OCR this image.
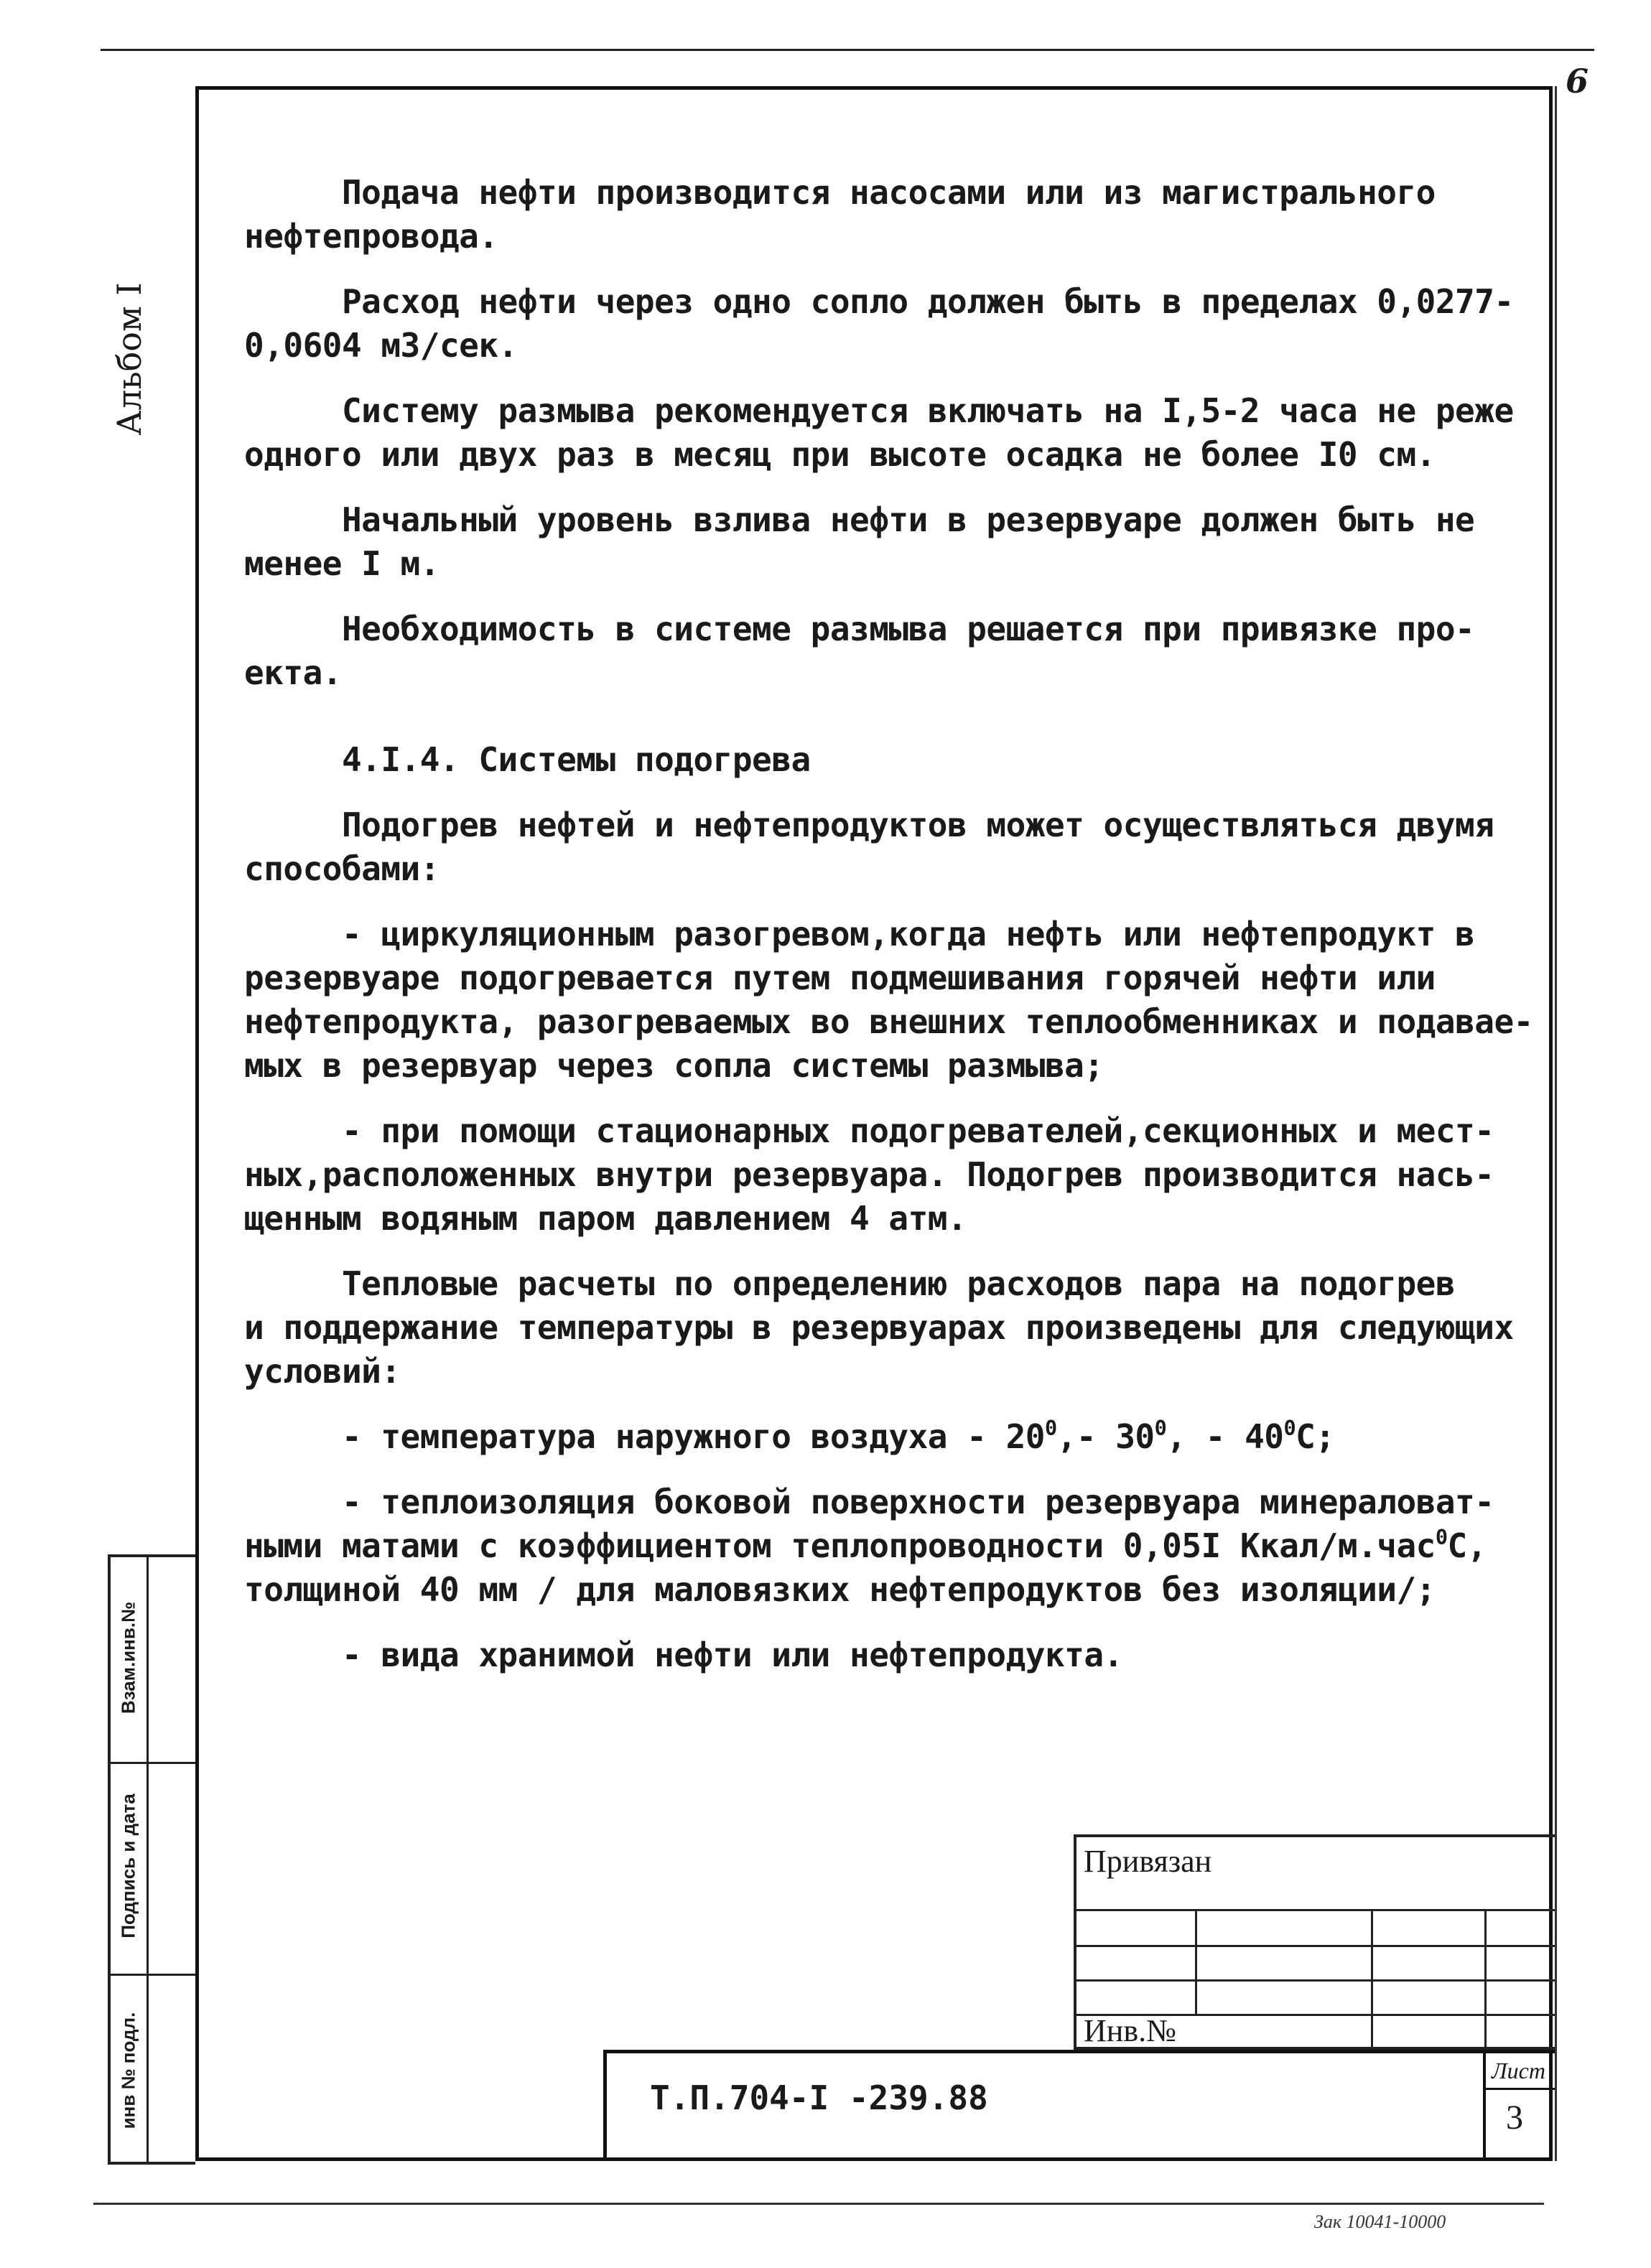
6
Альбом I
Взам.инв.№
Подпись и дата
инв № подл.
Подача нефти производится насосами или из магистрального
нефтепровода.
Расход нефти через одно сопло должен быть в пределах 0,0277-
0,0604 м3/сек.
Систему размыва рекомендуется включать на I,5-2 часа не реже
одного или двух раз в месяц при высоте осадка не более I0 см.
Начальный уровень взлива нефти в резервуаре должен быть не
менее I м.
Необходимость в системе размыва решается при привязке про-
екта.
4.I.4. Системы подогрева
Подогрев нефтей и нефтепродуктов может осуществляться двумя
способами:
- циркуляционным разогревом,когда нефть или нефтепродукт в
резервуаре подогревается путем подмешивания горячей нефти или
нефтепродукта, разогреваемых во внешних теплообменниках и подавае-
мых в резервуар через сопла системы размыва;
- при помощи стационарных подогревателей,секционных и мест-
ных,расположенных внутри резервуара. Подогрев производится нась-
щенным водяным паром давлением 4 атм.
Тепловые расчеты по определению расходов пара на подогрев
и поддержание температуры в резервуарах произведены для следующих
условий:
- температура наружного воздуха - $20^0,-$ $30^0$, - $40^0C$;
- теплоизоляция боковой поверхности резервуара минераловат-
ными матами с коэффициентом теплопроводности 0,05I Ккал/м.час$^0$C,
толщиной 40 мм / для маловязких нефтепродуктов без изоляции/;
- вида хранимой нефти или нефтепродукта.
Привязан
Инв.№
Т.П.704-I -239.88
Лист
3
Зак 10041-10000
